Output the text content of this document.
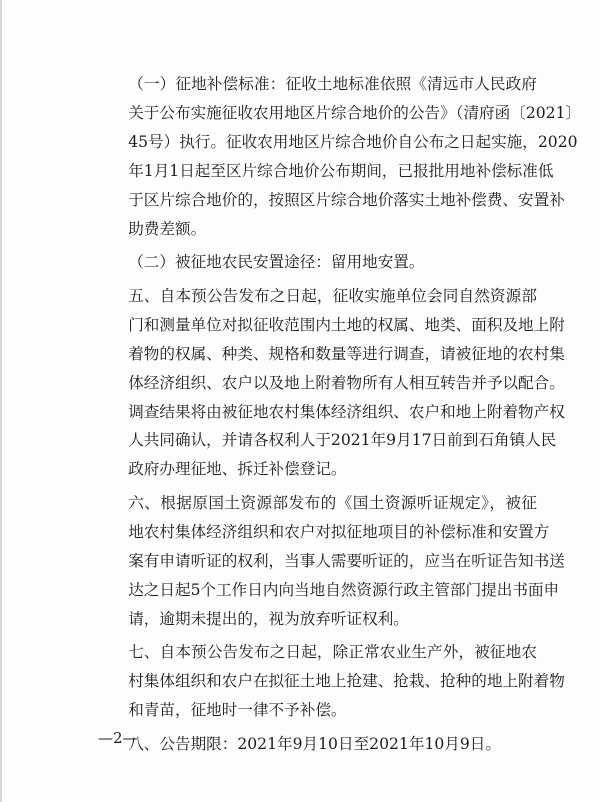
（一）征地补偿标准：征收土地标准依照《清远市人民政府
关于公布实施征收农用地区片综合地价的公告》（清府函〔2021〕
45号）执行。征收农用地区片综合地价自公布之日起实施，2020
年1月1日起至区片综合地价公布期间，已报批用地补偿标准低
于区片综合地价的，按照区片综合地价落实土地补偿费、安置补
助费差额。

（二）被征地农民安置途径：留用地安置。

五、自本预公告发布之日起，征收实施单位会同自然资源部
门和测量单位对拟征收范围内土地的权属、地类、面积及地上附
着物的权属、种类、规格和数量等进行调查，请被征地的农村集
体经济组织、农户以及地上附着物所有人相互转告并予以配合。
调查结果将由被征地农村集体经济组织、农户和地上附着物产权
人共同确认，并请各权利人于2021年9月17日前到石角镇人民
政府办理征地、拆迁补偿登记。

六、根据原国土资源部发布的《国土资源听证规定》，被征
地农村集体经济组织和农户对拟征地项目的补偿标准和安置方
案有申请听证的权利，当事人需要听证的，应当在听证告知书送
达之日起5个工作日内向当地自然资源行政主管部门提出书面申
请，逾期未提出的，视为放弃听证权利。

七、自本预公告发布之日起，除正常农业生产外，被征地农
村集体组织和农户在拟征土地上抢建、抢栽、抢种的地上附着物
和青苗，征地时一律不予补偿。

八、公告期限：2021年9月10日至2021年10月9日。

—2—
